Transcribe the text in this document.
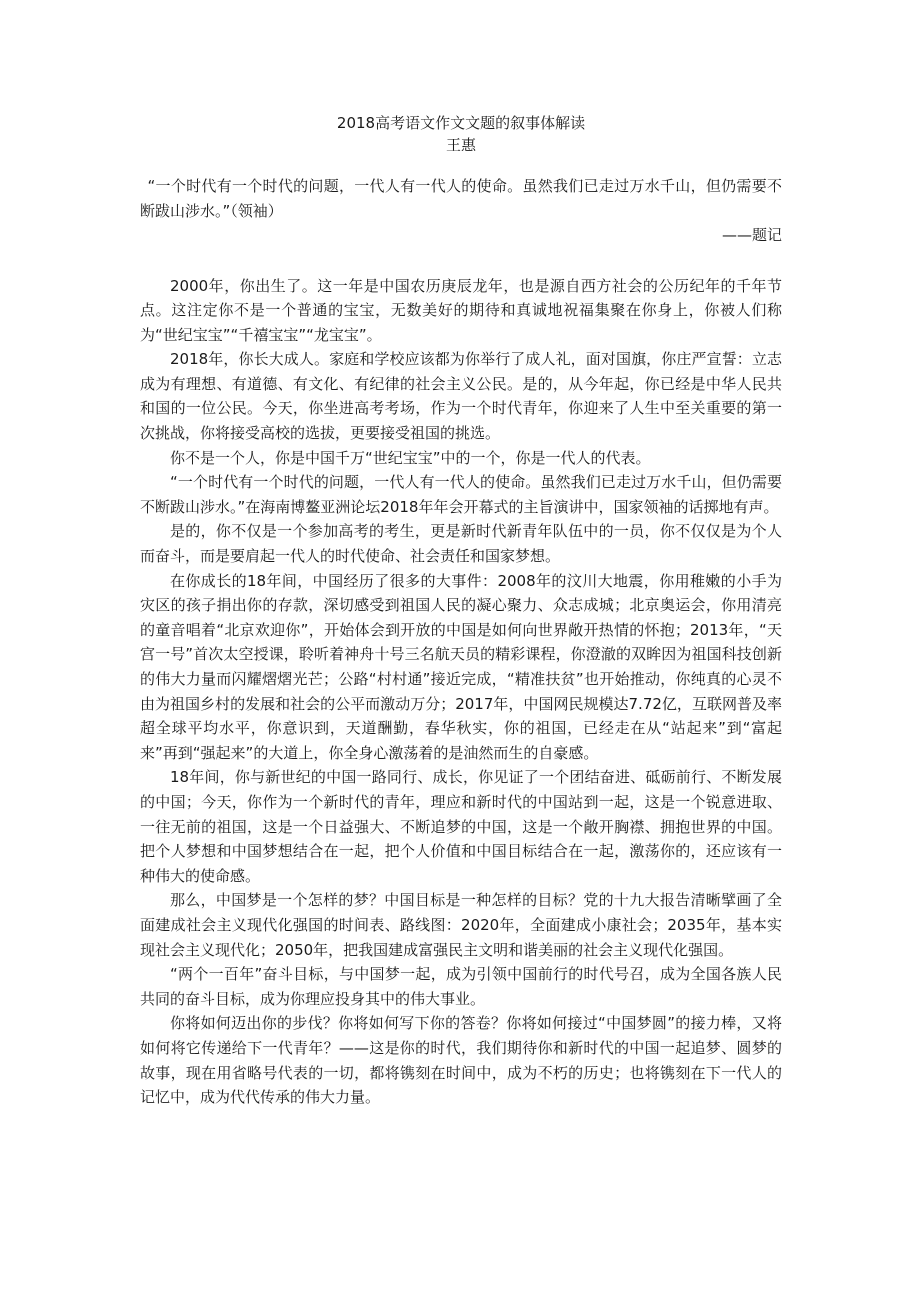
2018高考语文作文文题的叙事体解读

王惠

“一个时代有一个时代的问题，一代人有一代人的使命。虽然我们已走过万水千山，但仍需要不断跋山涉水。”（领袖）

——题记

2000年，你出生了。这一年是中国农历庚辰龙年，也是源自西方社会的公历纪年的千年节点。这注定你不是一个普通的宝宝，无数美好的期待和真诚地祝福集聚在你身上，你被人们称为“世纪宝宝”“千禧宝宝”“龙宝宝”。

2018年，你长大成人。家庭和学校应该都为你举行了成人礼，面对国旗，你庄严宣誓：立志成为有理想、有道德、有文化、有纪律的社会主义公民。是的，从今年起，你已经是中华人民共和国的一位公民。今天，你坐进高考考场，作为一个时代青年，你迎来了人生中至关重要的第一次挑战，你将接受高校的选拔，更要接受祖国的挑选。

你不是一个人，你是中国千万“世纪宝宝”中的一个，你是一代人的代表。

“一个时代有一个时代的问题，一代人有一代人的使命。虽然我们已走过万水千山，但仍需要不断跋山涉水。”在海南博鳌亚洲论坛2018年年会开幕式的主旨演讲中，国家领袖的话掷地有声。

是的，你不仅是一个参加高考的考生，更是新时代新青年队伍中的一员，你不仅仅是为个人而奋斗，而是要肩起一代人的时代使命、社会责任和国家梦想。

在你成长的18年间，中国经历了很多的大事件：2008年的汶川大地震，你用稚嫩的小手为灾区的孩子捐出你的存款，深切感受到祖国人民的凝心聚力、众志成城；北京奥运会，你用清亮的童音唱着“北京欢迎你”，开始体会到开放的中国是如何向世界敞开热情的怀抱；2013年，“天宫一号”首次太空授课，聆听着神舟十号三名航天员的精彩课程，你澄澈的双眸因为祖国科技创新的伟大力量而闪耀熠熠光芒；公路“村村通”接近完成，“精准扶贫”也开始推动，你纯真的心灵不由为祖国乡村的发展和社会的公平而激动万分；2017年，中国网民规模达7.72亿，互联网普及率超全球平均水平，你意识到，天道酬勤，春华秋实，你的祖国，已经走在从“站起来”到“富起来”再到“强起来”的大道上，你全身心激荡着的是油然而生的自豪感。

18年间，你与新世纪的中国一路同行、成长，你见证了一个团结奋进、砥砺前行、不断发展的中国；今天，你作为一个新时代的青年，理应和新时代的中国站到一起，这是一个锐意进取、一往无前的祖国，这是一个日益强大、不断追梦的中国，这是一个敞开胸襟、拥抱世界的中国。把个人梦想和中国梦想结合在一起，把个人价值和中国目标结合在一起，激荡你的，还应该有一种伟大的使命感。

那么，中国梦是一个怎样的梦？中国目标是一种怎样的目标？党的十九大报告清晰擘画了全面建成社会主义现代化强国的时间表、路线图：2020年，全面建成小康社会；2035年，基本实现社会主义现代化；2050年，把我国建成富强民主文明和谐美丽的社会主义现代化强国。

“两个一百年”奋斗目标，与中国梦一起，成为引领中国前行的时代号召，成为全国各族人民共同的奋斗目标，成为你理应投身其中的伟大事业。

你将如何迈出你的步伐？你将如何写下你的答卷？你将如何接过“中国梦圆”的接力棒，又将如何将它传递给下一代青年？——这是你的时代，我们期待你和新时代的中国一起追梦、圆梦的故事，现在用省略号代表的一切，都将镌刻在时间中，成为不朽的历史；也将镌刻在下一代人的记忆中，成为代代传承的伟大力量。
